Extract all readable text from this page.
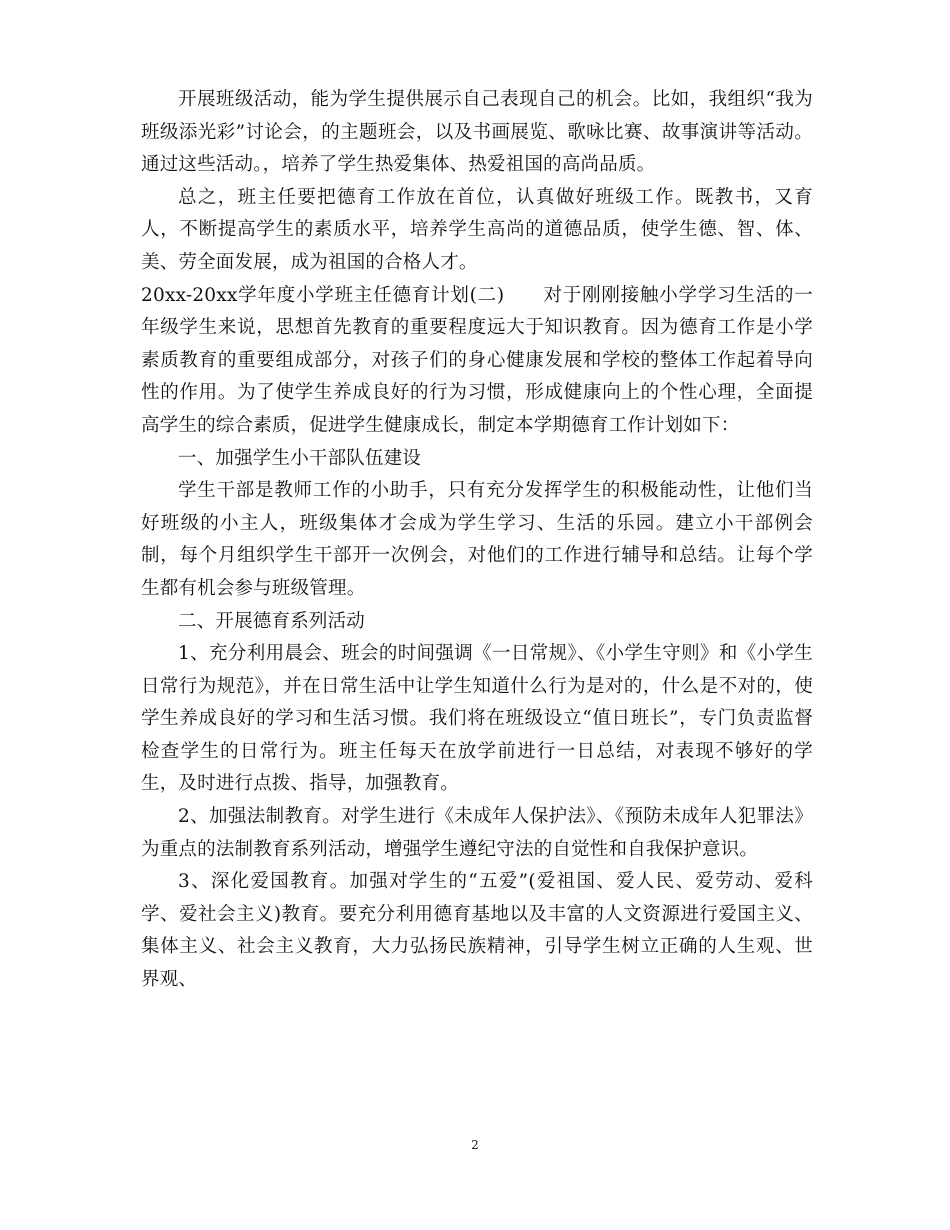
开展班级活动，能为学生提供展示自己表现自己的机会。比如，我组织“我为班级添光彩”讨论会，的主题班会，以及书画展览、歌咏比赛、故事演讲等活动。通过这些活动。，培养了学生热爱集体、热爱祖国的高尚品质。

总之，班主任要把德育工作放在首位，认真做好班级工作。既教书，又育人，不断提高学生的素质水平，培养学生高尚的道德品质，使学生德、智、体、美、劳全面发展，成为祖国的合格人才。

20xx-20xx学年度小学班主任德育计划(二)　　对于刚刚接触小学学习生活的一年级学生来说，思想首先教育的重要程度远大于知识教育。因为德育工作是小学素质教育的重要组成部分，对孩子们的身心健康发展和学校的整体工作起着导向性的作用。为了使学生养成良好的行为习惯，形成健康向上的个性心理，全面提高学生的综合素质，促进学生健康成长，制定本学期德育工作计划如下：

一、加强学生小干部队伍建设

学生干部是教师工作的小助手，只有充分发挥学生的积极能动性，让他们当好班级的小主人，班级集体才会成为学生学习、生活的乐园。建立小干部例会制，每个月组织学生干部开一次例会，对他们的工作进行辅导和总结。让每个学生都有机会参与班级管理。

二、开展德育系列活动

1、充分利用晨会、班会的时间强调《一日常规》、《小学生守则》和《小学生日常行为规范》，并在日常生活中让学生知道什么行为是对的，什么是不对的，使学生养成良好的学习和生活习惯。我们将在班级设立“值日班长”，专门负责监督检查学生的日常行为。班主任每天在放学前进行一日总结，对表现不够好的学生，及时进行点拨、指导，加强教育。

2、加强法制教育。对学生进行《未成年人保护法》、《预防未成年人犯罪法》为重点的法制教育系列活动，增强学生遵纪守法的自觉性和自我保护意识。

3、深化爱国教育。加强对学生的“五爱”(爱祖国、爱人民、爱劳动、爱科学、爱社会主义)教育。要充分利用德育基地以及丰富的人文资源进行爱国主义、集体主义、社会主义教育，大力弘扬民族精神，引导学生树立正确的人生观、世界观、

2
